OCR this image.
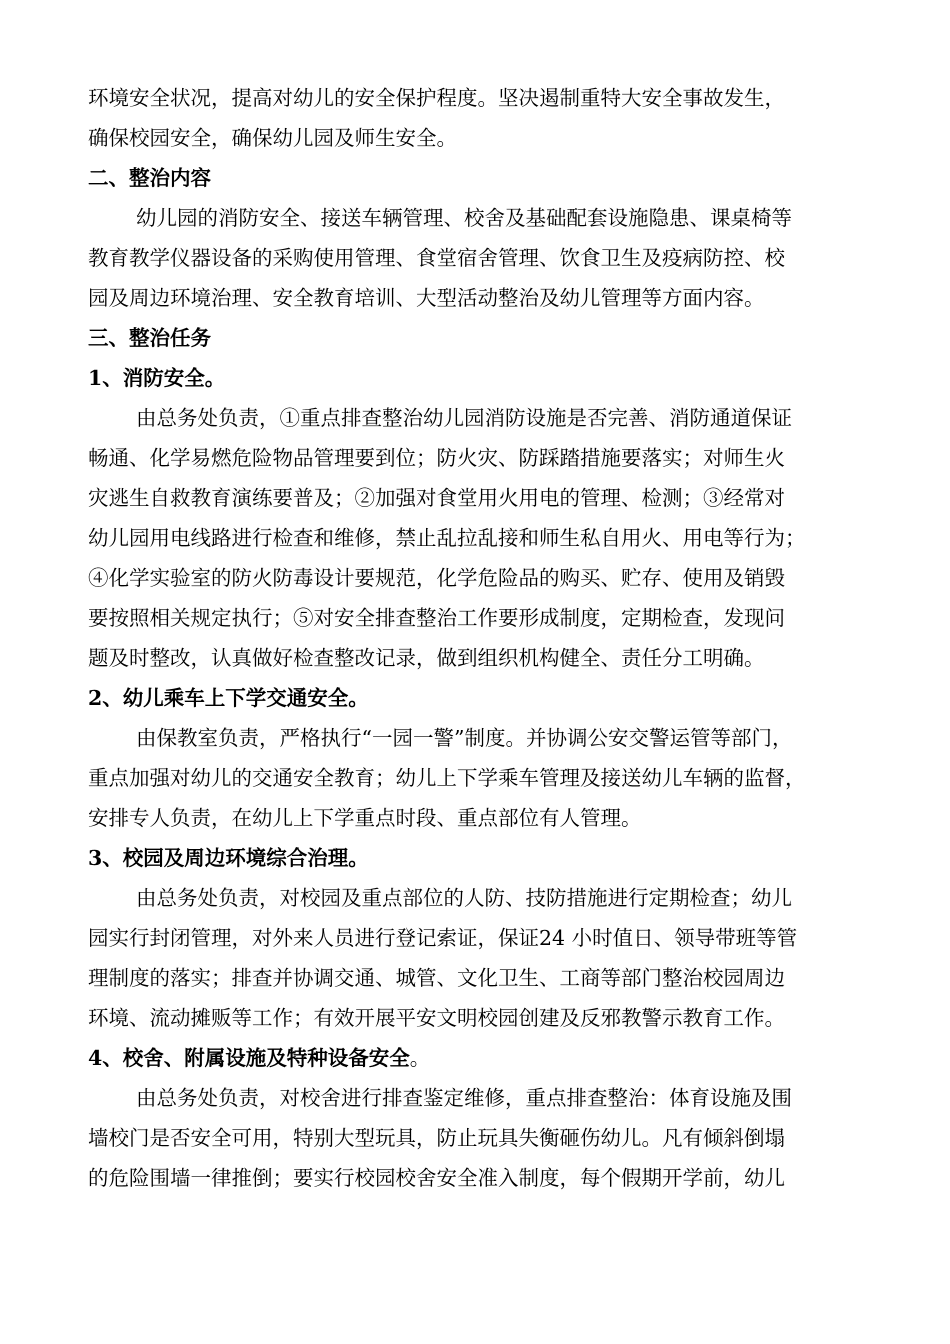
环境安全状况，提高对幼儿的安全保护程度。坚决遏制重特大安全事故发生，
确保校园安全，确保幼儿园及师生安全。
二、整治内容
幼儿园的消防安全、接送车辆管理、校舍及基础配套设施隐患、课桌椅等
教育教学仪器设备的采购使用管理、食堂宿舍管理、饮食卫生及疫病防控、校
园及周边环境治理、安全教育培训、大型活动整治及幼儿管理等方面内容。
三、整治任务
1、消防安全。
由总务处负责，①重点排查整治幼儿园消防设施是否完善、消防通道保证
畅通、化学易燃危险物品管理要到位；防火灾、防踩踏措施要落实；对师生火
灾逃生自救教育演练要普及；②加强对食堂用火用电的管理、检测；③经常对
幼儿园用电线路进行检查和维修，禁止乱拉乱接和师生私自用火、用电等行为；
④化学实验室的防火防毒设计要规范，化学危险品的购买、贮存、使用及销毁
要按照相关规定执行；⑤对安全排查整治工作要形成制度，定期检查，发现问
题及时整改，认真做好检查整改记录，做到组织机构健全、责任分工明确。
2、幼儿乘车上下学交通安全。
由保教室负责，严格执行“一园一警”制度。并协调公安交警运管等部门，
重点加强对幼儿的交通安全教育；幼儿上下学乘车管理及接送幼儿车辆的监督，
安排专人负责，在幼儿上下学重点时段、重点部位有人管理。
3、校园及周边环境综合治理。
由总务处负责，对校园及重点部位的人防、技防措施进行定期检查；幼儿
园实行封闭管理，对外来人员进行登记索证，保证24 小时值日、领导带班等管
理制度的落实；排查并协调交通、城管、文化卫生、工商等部门整治校园周边
环境、流动摊贩等工作；有效开展平安文明校园创建及反邪教警示教育工作。
4、校舍、附属设施及特种设备安全。
由总务处负责，对校舍进行排查鉴定维修，重点排查整治：体育设施及围
墙校门是否安全可用，特别大型玩具，防止玩具失衡砸伤幼儿。凡有倾斜倒塌
的危险围墙一律推倒；要实行校园校舍安全准入制度，每个假期开学前，幼儿
